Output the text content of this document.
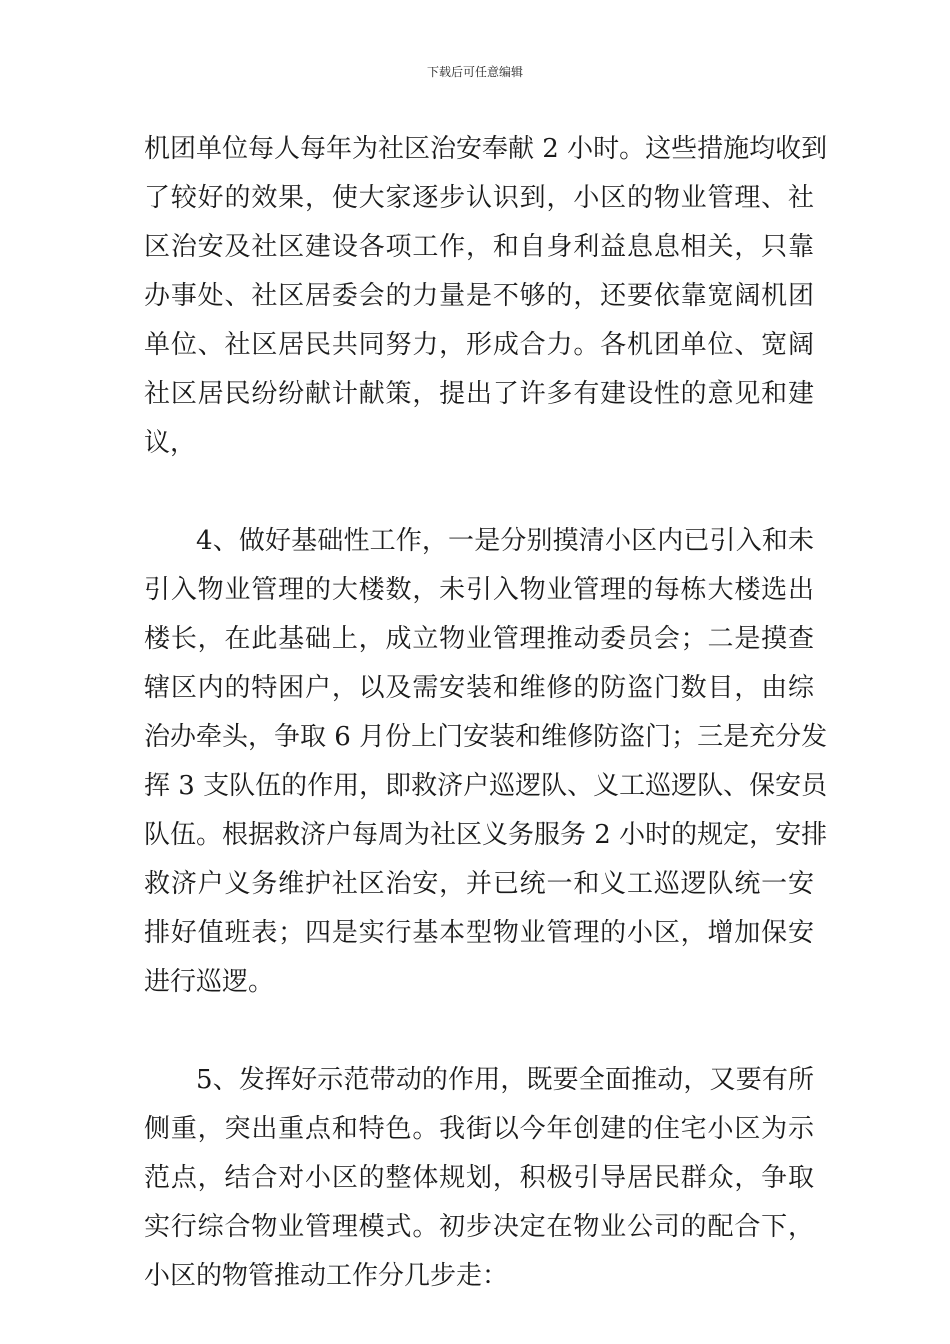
下载后可任意编辑
机团单位每人每年为社区治安奉献 2 小时。这些措施均收到
了较好的效果，使大家逐步认识到，小区的物业管理、社
区治安及社区建设各项工作，和自身利益息息相关，只靠
办事处、社区居委会的力量是不够的，还要依靠宽阔机团
单位、社区居民共同努力，形成合力。各机团单位、宽阔
社区居民纷纷献计献策，提出了许多有建设性的意见和建
议，
4、做好基础性工作，一是分别摸清小区内已引入和未
引入物业管理的大楼数，未引入物业管理的每栋大楼选出
楼长，在此基础上，成立物业管理推动委员会；二是摸查
辖区内的特困户，以及需安装和维修的防盗门数目，由综
治办牵头，争取 6 月份上门安装和维修防盗门；三是充分发
挥 3 支队伍的作用，即救济户巡逻队、义工巡逻队、保安员
队伍。根据救济户每周为社区义务服务 2 小时的规定，安排
救济户义务维护社区治安，并已统一和义工巡逻队统一安
排好值班表；四是实行基本型物业管理的小区，增加保安
进行巡逻。
5、发挥好示范带动的作用，既要全面推动，又要有所
侧重，突出重点和特色。我街以今年创建的住宅小区为示
范点，结合对小区的整体规划，积极引导居民群众，争取
实行综合物业管理模式。初步决定在物业公司的配合下，
小区的物管推动工作分几步走：
